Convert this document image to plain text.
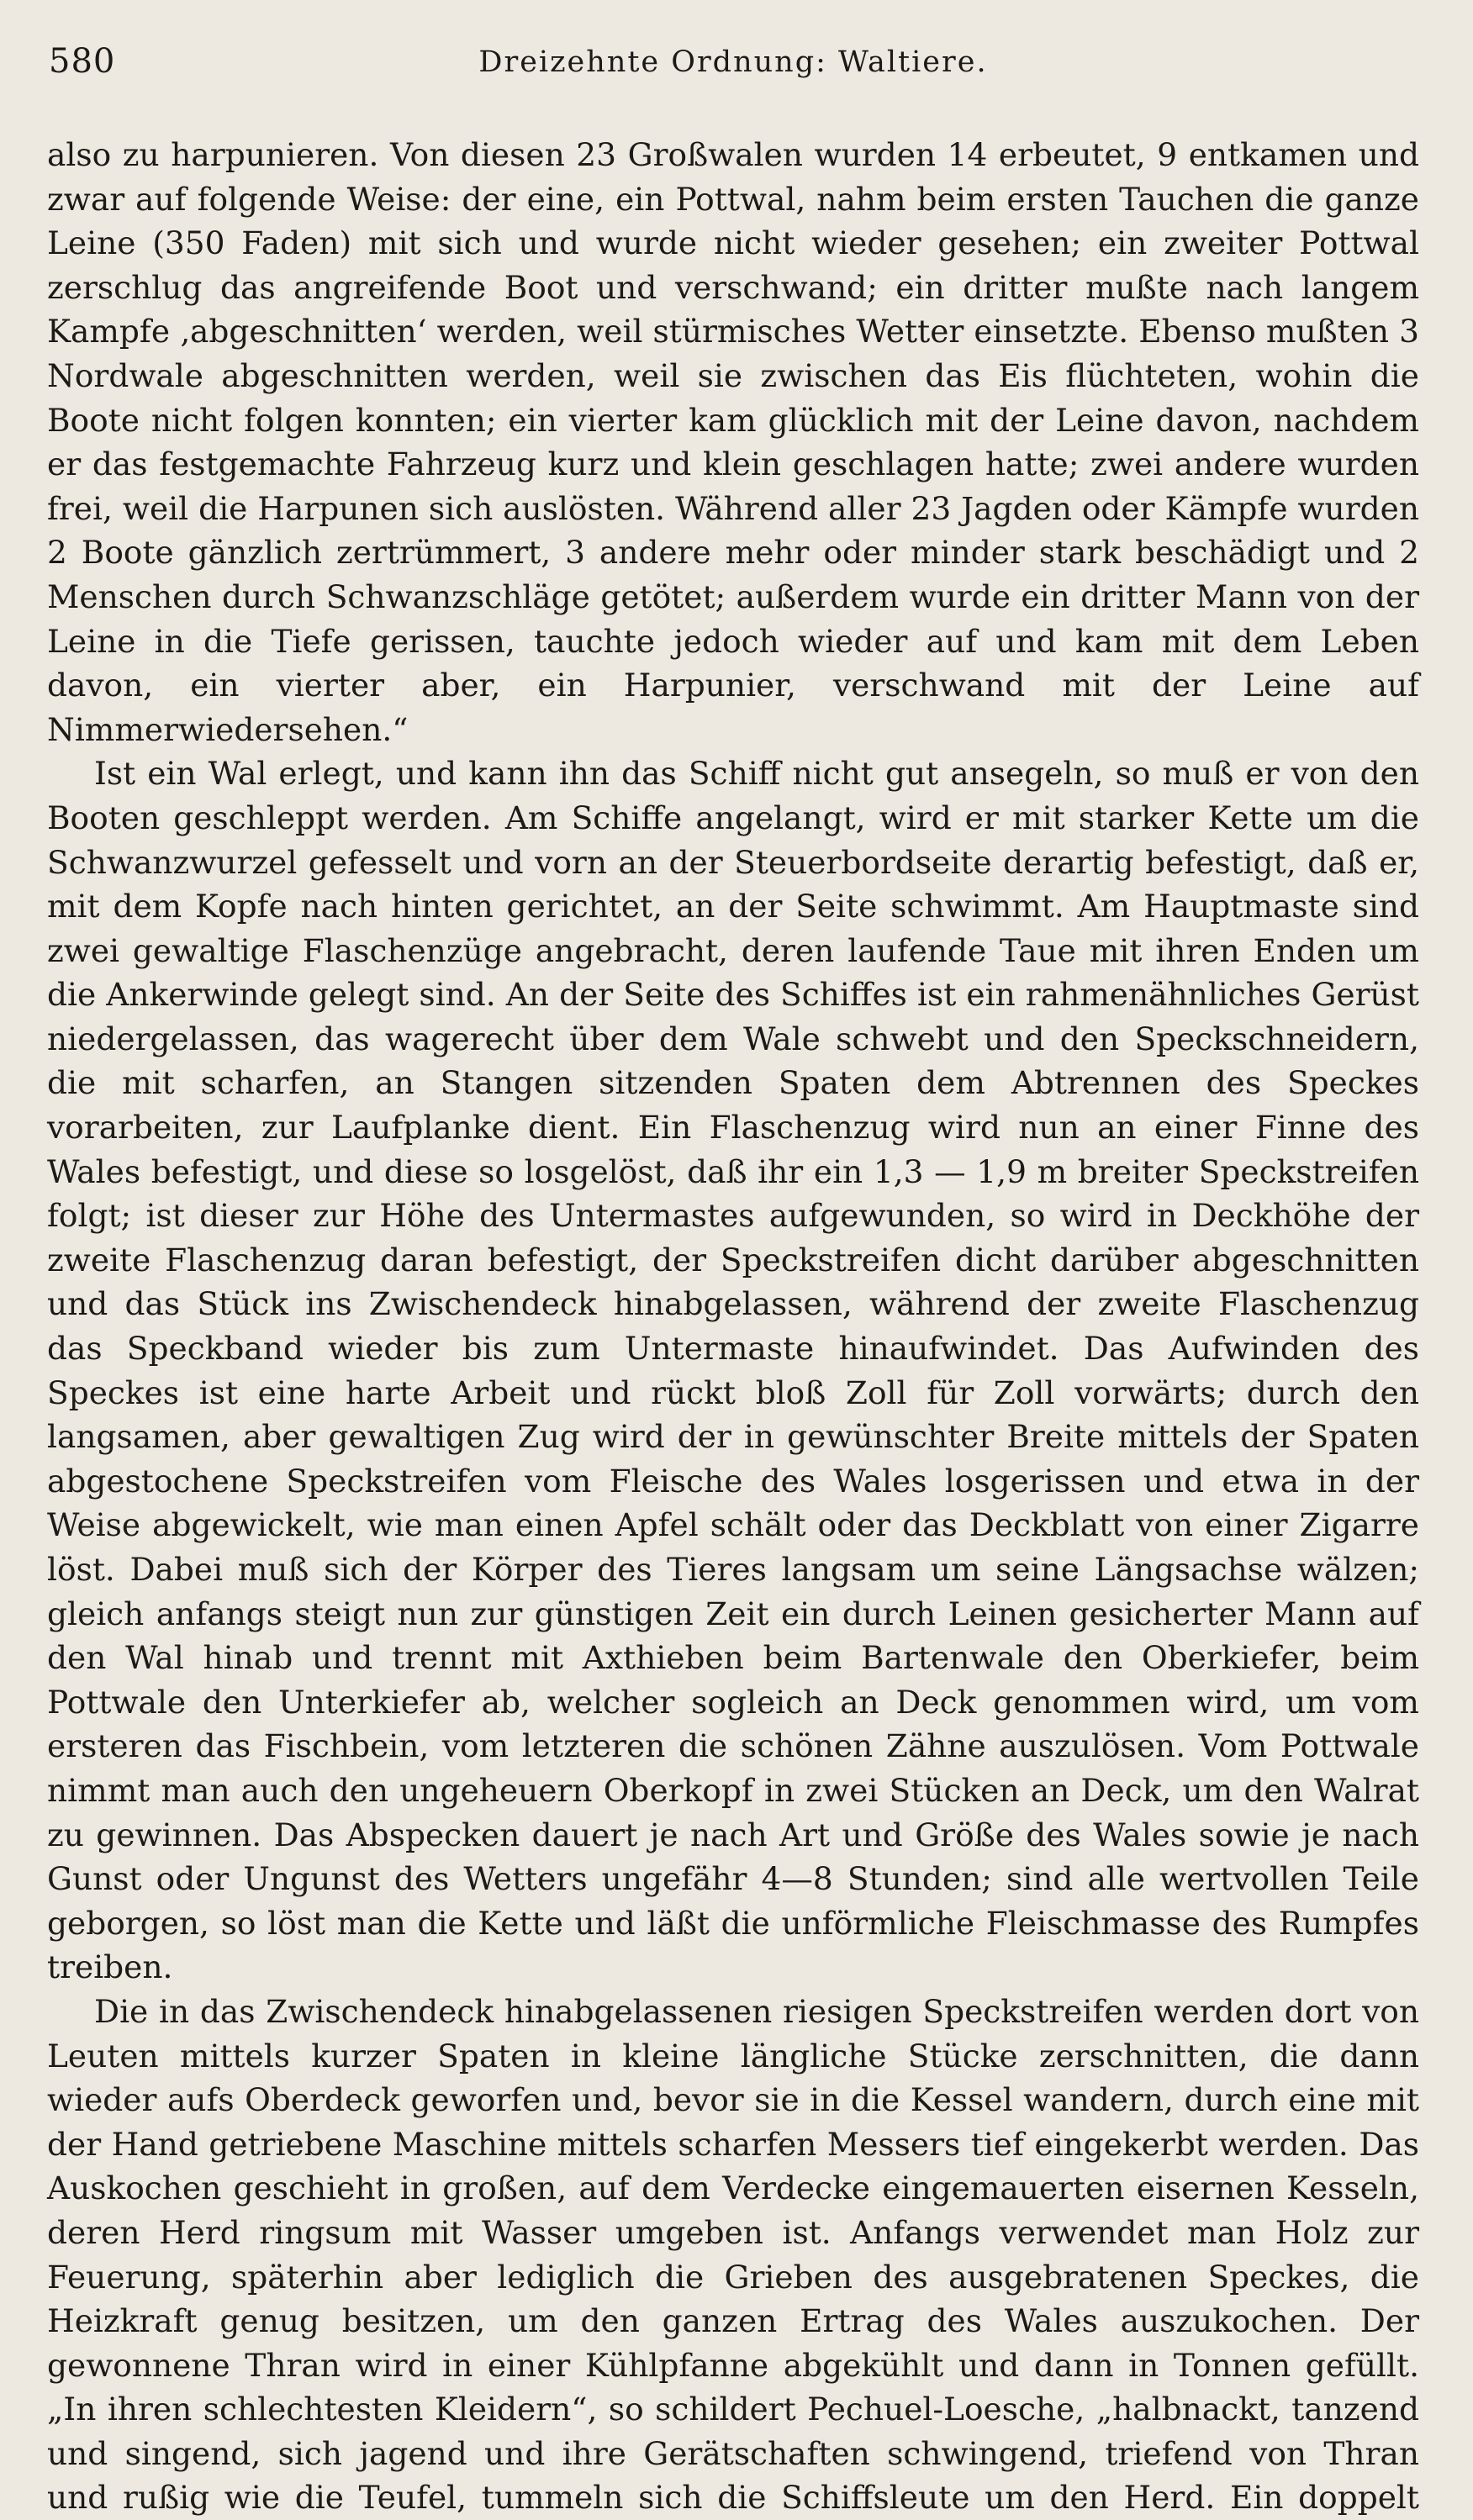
580	Dreizehnte Ordnung: Waltiere.

also zu harpunieren. Von diesen 23 Großwalen wurden 14 erbeutet, 9 entkamen und zwar auf folgende Weise: der eine, ein Pottwal, nahm beim ersten Tauchen die ganze Leine (350 Faden) mit sich und wurde nicht wieder gesehen; ein zweiter Pottwal zerschlug das angreifende Boot und verschwand; ein dritter mußte nach langem Kampfe ‚abgeschnitten‘ werden, weil stürmisches Wetter einsetzte. Ebenso mußten 3 Nordwale abgeschnitten werden, weil sie zwischen das Eis flüchteten, wohin die Boote nicht folgen konnten; ein vierter kam glücklich mit der Leine davon, nachdem er das festgemachte Fahrzeug kurz und klein geschlagen hatte; zwei andere wurden frei, weil die Harpunen sich auslösten. Während aller 23 Jagden oder Kämpfe wurden 2 Boote gänzlich zertrümmert, 3 andere mehr oder minder stark beschädigt und 2 Menschen durch Schwanzschläge getötet; außerdem wurde ein dritter Mann von der Leine in die Tiefe gerissen, tauchte jedoch wieder auf und kam mit dem Leben davon, ein vierter aber, ein Harpunier, verschwand mit der Leine auf Nimmerwiedersehen.“

Ist ein Wal erlegt, und kann ihn das Schiff nicht gut ansegeln, so muß er von den Booten geschleppt werden. Am Schiffe angelangt, wird er mit starker Kette um die Schwanzwurzel gefesselt und vorn an der Steuerbordseite derartig befestigt, daß er, mit dem Kopfe nach hinten gerichtet, an der Seite schwimmt. Am Hauptmaste sind zwei gewaltige Flaschenzüge angebracht, deren laufende Taue mit ihren Enden um die Ankerwinde gelegt sind. An der Seite des Schiffes ist ein rahmenähnliches Gerüst niedergelassen, das wagerecht über dem Wale schwebt und den Speckschneidern, die mit scharfen, an Stangen sitzenden Spaten dem Abtrennen des Speckes vorarbeiten, zur Laufplanke dient. Ein Flaschenzug wird nun an einer Finne des Wales befestigt, und diese so losgelöst, daß ihr ein 1,3 — 1,9 m breiter Speckstreifen folgt; ist dieser zur Höhe des Untermastes aufgewunden, so wird in Deckhöhe der zweite Flaschenzug daran befestigt, der Speckstreifen dicht darüber abgeschnitten und das Stück ins Zwischendeck hinabgelassen, während der zweite Flaschenzug das Speckband wieder bis zum Untermaste hinaufwindet. Das Aufwinden des Speckes ist eine harte Arbeit und rückt bloß Zoll für Zoll vorwärts; durch den langsamen, aber gewaltigen Zug wird der in gewünschter Breite mittels der Spaten abgestochene Speckstreifen vom Fleische des Wales losgerissen und etwa in der Weise abgewickelt, wie man einen Apfel schält oder das Deckblatt von einer Zigarre löst. Dabei muß sich der Körper des Tieres langsam um seine Längsachse wälzen; gleich anfangs steigt nun zur günstigen Zeit ein durch Leinen gesicherter Mann auf den Wal hinab und trennt mit Axthieben beim Bartenwale den Oberkiefer, beim Pottwale den Unterkiefer ab, welcher sogleich an Deck genommen wird, um vom ersteren das Fischbein, vom letzteren die schönen Zähne auszulösen. Vom Pottwale nimmt man auch den ungeheuern Oberkopf in zwei Stücken an Deck, um den Walrat zu gewinnen. Das Abspecken dauert je nach Art und Größe des Wales sowie je nach Gunst oder Ungunst des Wetters ungefähr 4—8 Stunden; sind alle wertvollen Teile geborgen, so löst man die Kette und läßt die unförmliche Fleischmasse des Rumpfes treiben.

Die in das Zwischendeck hinabgelassenen riesigen Speckstreifen werden dort von Leuten mittels kurzer Spaten in kleine längliche Stücke zerschnitten, die dann wieder aufs Oberdeck geworfen und, bevor sie in die Kessel wandern, durch eine mit der Hand getriebene Maschine mittels scharfen Messers tief eingekerbt werden. Das Auskochen geschieht in großen, auf dem Verdecke eingemauerten eisernen Kesseln, deren Herd ringsum mit Wasser umgeben ist. Anfangs verwendet man Holz zur Feuerung, späterhin aber lediglich die Grieben des ausgebratenen Speckes, die Heizkraft genug besitzen, um den ganzen Ertrag des Wales auszukochen. Der gewonnene Thran wird in einer Kühlpfanne abgekühlt und dann in Tonnen gefüllt. „In ihren schlechtesten Kleidern“, so schildert Pechuel-Loesche, „halbnackt, tanzend und singend, sich jagend und ihre Gerätschaften schwingend, triefend von Thran und rußig wie die Teufel, tummeln sich die Schiffsleute um den Herd. Ein doppelt
